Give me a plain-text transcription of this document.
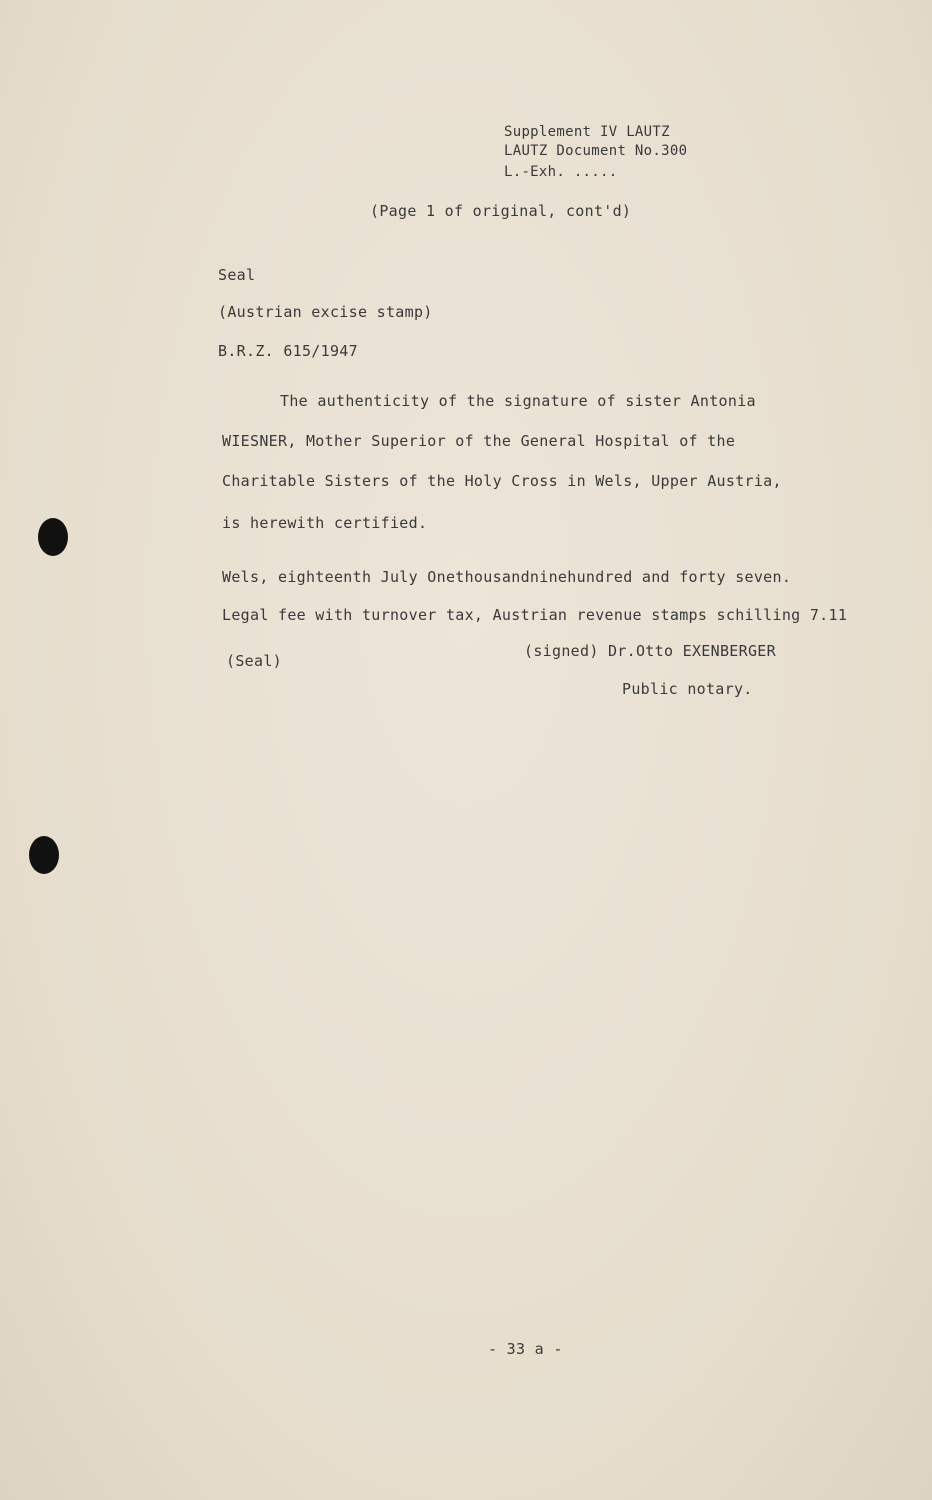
Supplement IV LAUTZ
LAUTZ Document No.300
L.-Exh. .....
(Page 1 of original, cont'd)
Seal
(Austrian excise stamp)
B.R.Z. 615/1947
The authenticity of the signature of sister Antonia
WIESNER, Mother Superior of the General Hospital of the
Charitable Sisters of the Holy Cross in Wels, Upper Austria,
is herewith certified.
Wels, eighteenth July Onethousandninehundred and forty seven.
Legal fee with turnover tax, Austrian revenue stamps schilling 7.11
(Seal)
(signed) Dr.Otto EXENBERGER
Public notary.
- 33 a -
